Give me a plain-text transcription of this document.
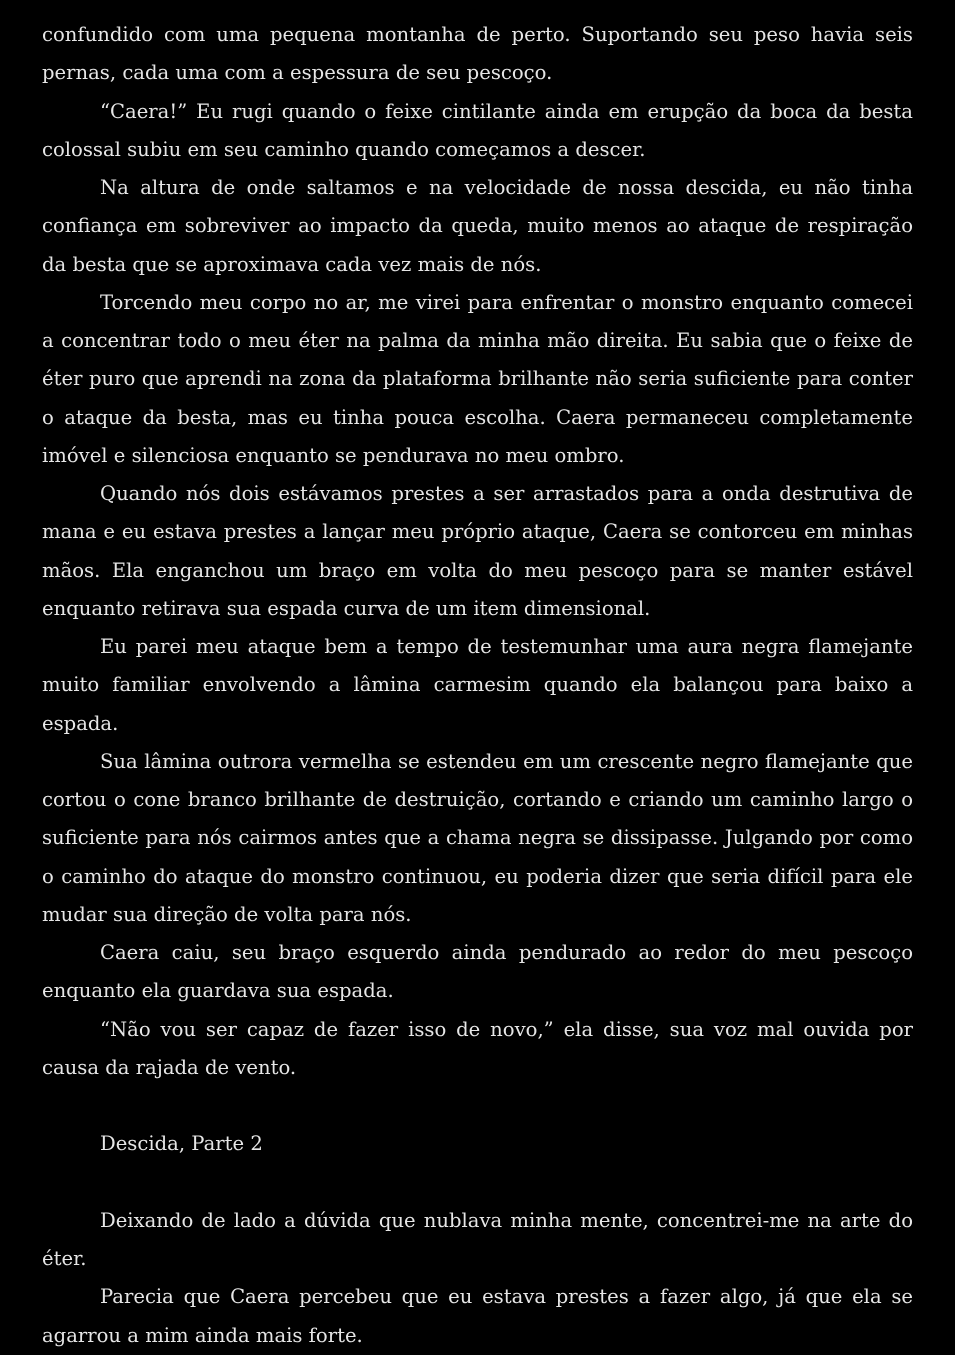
confundido com uma pequena montanha de perto. Suportando seu peso havia seis pernas, cada uma com a espessura de seu pescoço.

“Caera!” Eu rugi quando o feixe cintilante ainda em erupção da boca da besta colossal subiu em seu caminho quando começamos a descer.

Na altura de onde saltamos e na velocidade de nossa descida, eu não tinha confiança em sobreviver ao impacto da queda, muito menos ao ataque de respiração da besta que se aproximava cada vez mais de nós.

Torcendo meu corpo no ar, me virei para enfrentar o monstro enquanto comecei a concentrar todo o meu éter na palma da minha mão direita. Eu sabia que o feixe de éter puro que aprendi na zona da plataforma brilhante não seria suficiente para conter o ataque da besta, mas eu tinha pouca escolha. Caera permaneceu completamente imóvel e silenciosa enquanto se pendurava no meu ombro.

Quando nós dois estávamos prestes a ser arrastados para a onda destrutiva de mana e eu estava prestes a lançar meu próprio ataque, Caera se contorceu em minhas mãos. Ela enganchou um braço em volta do meu pescoço para se manter estável enquanto retirava sua espada curva de um item dimensional.

Eu parei meu ataque bem a tempo de testemunhar uma aura negra flamejante muito familiar envolvendo a lâmina carmesim quando ela balançou para baixo a espada.

Sua lâmina outrora vermelha se estendeu em um crescente negro flamejante que cortou o cone branco brilhante de destruição, cortando e criando um caminho largo o suficiente para nós cairmos antes que a chama negra se dissipasse. Julgando por como o caminho do ataque do monstro continuou, eu poderia dizer que seria difícil para ele mudar sua direção de volta para nós.

Caera caiu, seu braço esquerdo ainda pendurado ao redor do meu pescoço enquanto ela guardava sua espada.

“Não vou ser capaz de fazer isso de novo,” ela disse, sua voz mal ouvida por causa da rajada de vento.

Descida, Parte 2

Deixando de lado a dúvida que nublava minha mente, concentrei-me na arte do éter.

Parecia que Caera percebeu que eu estava prestes a fazer algo, já que ela se agarrou a mim ainda mais forte.
